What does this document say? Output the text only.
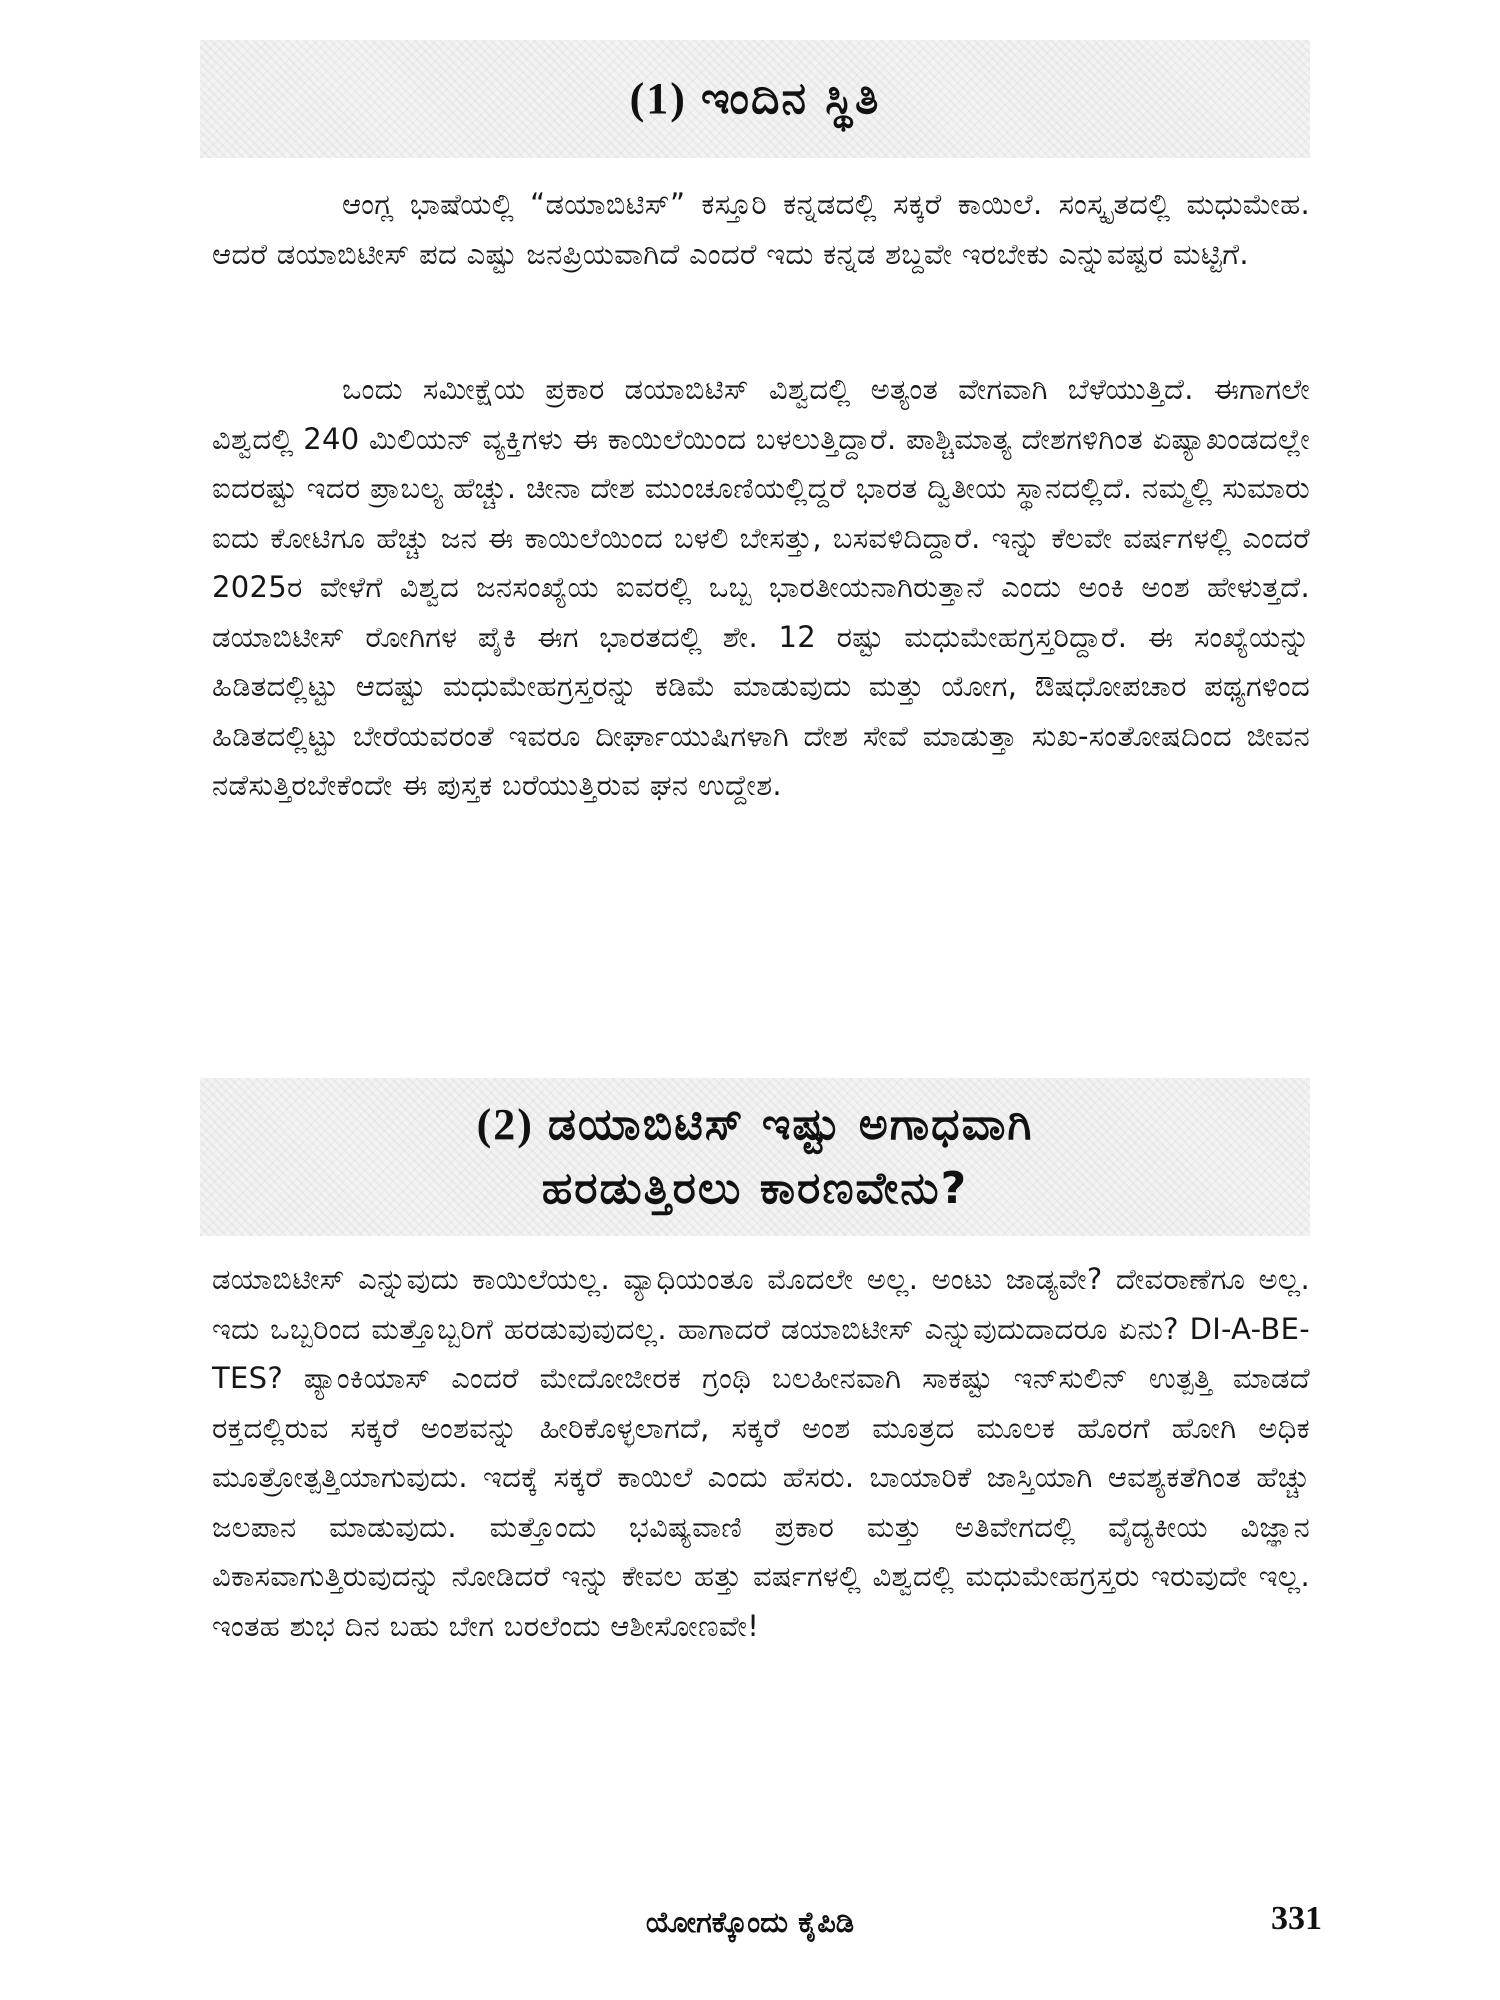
(1) ಇಂದಿನ ಸ್ಥಿತಿ

ಆಂಗ್ಲ ಭಾಷೆಯಲ್ಲಿ “ಡಯಾಬಿಟಿಸ್” ಕಸ್ತೂರಿ ಕನ್ನಡದಲ್ಲಿ ಸಕ್ಕರೆ ಕಾಯಿಲೆ. ಸಂಸ್ಕೃತದಲ್ಲಿ ಮಧುಮೇಹ. ಆದರೆ ಡಯಾಬಿಟೀಸ್ ಪದ ಎಷ್ಟು ಜನಪ್ರಿಯವಾಗಿದೆ ಎಂದರೆ ಇದು ಕನ್ನಡ ಶಬ್ದವೇ ಇರಬೇಕು ಎನ್ನುವಷ್ಟರ ಮಟ್ಟಿಗೆ.

ಒಂದು ಸಮೀಕ್ಷೆಯ ಪ್ರಕಾರ ಡಯಾಬಿಟಿಸ್ ವಿಶ್ವದಲ್ಲಿ ಅತ್ಯಂತ ವೇಗವಾಗಿ ಬೆಳೆಯುತ್ತಿದೆ. ಈಗಾಗಲೇ ವಿಶ್ವದಲ್ಲಿ 240 ಮಿಲಿಯನ್ ವ್ಯಕ್ತಿಗಳು ಈ ಕಾಯಿಲೆಯಿಂದ ಬಳಲುತ್ತಿದ್ದಾರೆ. ಪಾಶ್ಚಿಮಾತ್ಯ ದೇಶಗಳಿಗಿಂತ ಏಷ್ಯಾಖಂಡದಲ್ಲೇ ಐದರಷ್ಟು ಇದರ ಪ್ರಾಬಲ್ಯ ಹೆಚ್ಚು. ಚೀನಾ ದೇಶ ಮುಂಚೂಣಿಯಲ್ಲಿದ್ದರೆ ಭಾರತ ದ್ವಿತೀಯ ಸ್ಥಾನದಲ್ಲಿದೆ. ನಮ್ಮಲ್ಲಿ ಸುಮಾರು ಐದು ಕೋಟಿಗೂ ಹೆಚ್ಚು ಜನ ಈ ಕಾಯಿಲೆಯಿಂದ ಬಳಲಿ ಬೇಸತ್ತು, ಬಸವಳಿದಿದ್ದಾರೆ. ಇನ್ನು ಕೆಲವೇ ವರ್ಷಗಳಲ್ಲಿ ಎಂದರೆ 2025ರ ವೇಳೆಗೆ ವಿಶ್ವದ ಜನಸಂಖ್ಯೆಯ ಐವರಲ್ಲಿ ಒಬ್ಬ ಭಾರತೀಯನಾಗಿರುತ್ತಾನೆ ಎಂದು ಅಂಕಿ ಅಂಶ ಹೇಳುತ್ತದೆ. ಡಯಾಬಿಟೀಸ್ ರೋಗಿಗಳ ಪೈಕಿ ಈಗ ಭಾರತದಲ್ಲಿ ಶೇ. 12 ರಷ್ಟು ಮಧುಮೇಹಗ್ರಸ್ತರಿದ್ದಾರೆ. ಈ ಸಂಖ್ಯೆಯನ್ನು ಹಿಡಿತದಲ್ಲಿಟ್ಟು ಆದಷ್ಟು ಮಧುಮೇಹಗ್ರಸ್ತರನ್ನು ಕಡಿಮೆ ಮಾಡುವುದು ಮತ್ತು ಯೋಗ, ಔಷಧೋಪಚಾರ ಪಥ್ಯಗಳಿಂದ ಹಿಡಿತದಲ್ಲಿಟ್ಟು ಬೇರೆಯವರಂತೆ ಇವರೂ ದೀರ್ಘಾಯುಷಿಗಳಾಗಿ ದೇಶ ಸೇವೆ ಮಾಡುತ್ತಾ ಸುಖ-ಸಂತೋಷದಿಂದ ಜೀವನ ನಡೆಸುತ್ತಿರಬೇಕೆಂದೇ ಈ ಪುಸ್ತಕ ಬರೆಯುತ್ತಿರುವ ಘನ ಉದ್ದೇಶ.

(2) ಡಯಾಬಿಟಿಸ್ ಇಷ್ಟು ಅಗಾಧವಾಗಿ
ಹರಡುತ್ತಿರಲು ಕಾರಣವೇನು?

ಡಯಾಬಿಟೀಸ್ ಎನ್ನುವುದು ಕಾಯಿಲೆಯಲ್ಲ. ವ್ಯಾಧಿಯಂತೂ ಮೊದಲೇ ಅಲ್ಲ. ಅಂಟು ಜಾಡ್ಯವೇ? ದೇವರಾಣೆಗೂ ಅಲ್ಲ. ಇದು ಒಬ್ಬರಿಂದ ಮತ್ತೊಬ್ಬರಿಗೆ ಹರಡುವುವುದಲ್ಲ. ಹಾಗಾದರೆ ಡಯಾಬಿಟೀಸ್ ಎನ್ನುವುದುದಾದರೂ ಏನು? DI-A-BE-TES? ಪ್ಯಾಂಕಿಯಾಸ್ ಎಂದರೆ ಮೇದೋಜೀರಕ ಗ್ರಂಥಿ ಬಲಹೀನವಾಗಿ ಸಾಕಷ್ಟು ಇನ್‌ಸುಲಿನ್ ಉತ್ಪತ್ತಿ ಮಾಡದೆ ರಕ್ತದಲ್ಲಿರುವ ಸಕ್ಕರೆ ಅಂಶವನ್ನು ಹೀರಿಕೊಳ್ಳಲಾಗದೆ, ಸಕ್ಕರೆ ಅಂಶ ಮೂತ್ರದ ಮೂಲಕ ಹೊರಗೆ ಹೋಗಿ ಅಧಿಕ ಮೂತ್ರೋತ್ಪತ್ತಿಯಾಗುವುದು. ಇದಕ್ಕೆ ಸಕ್ಕರೆ ಕಾಯಿಲೆ ಎಂದು ಹೆಸರು. ಬಾಯಾರಿಕೆ ಜಾಸ್ತಿಯಾಗಿ ಆವಶ್ಯಕತೆಗಿಂತ ಹೆಚ್ಚು ಜಲಪಾನ ಮಾಡುವುದು. ಮತ್ತೊಂದು ಭವಿಷ್ಯವಾಣಿ ಪ್ರಕಾರ ಮತ್ತು ಅತಿವೇಗದಲ್ಲಿ ವೈದ್ಯಕೀಯ ವಿಜ್ಞಾನ ವಿಕಾಸವಾಗುತ್ತಿರುವುದನ್ನು ನೋಡಿದರೆ ಇನ್ನು ಕೇವಲ ಹತ್ತು ವರ್ಷಗಳಲ್ಲಿ ವಿಶ್ವದಲ್ಲಿ ಮಧುಮೇಹಗ್ರಸ್ತರು ಇರುವುದೇ ಇಲ್ಲ. ಇಂತಹ ಶುಭ ದಿನ ಬಹು ಬೇಗ ಬರಲೆಂದು ಆಶೀಸೋಣವೇ!

ಯೋಗಕ್ಕೊಂದು ಕೈಪಿಡಿ	331
